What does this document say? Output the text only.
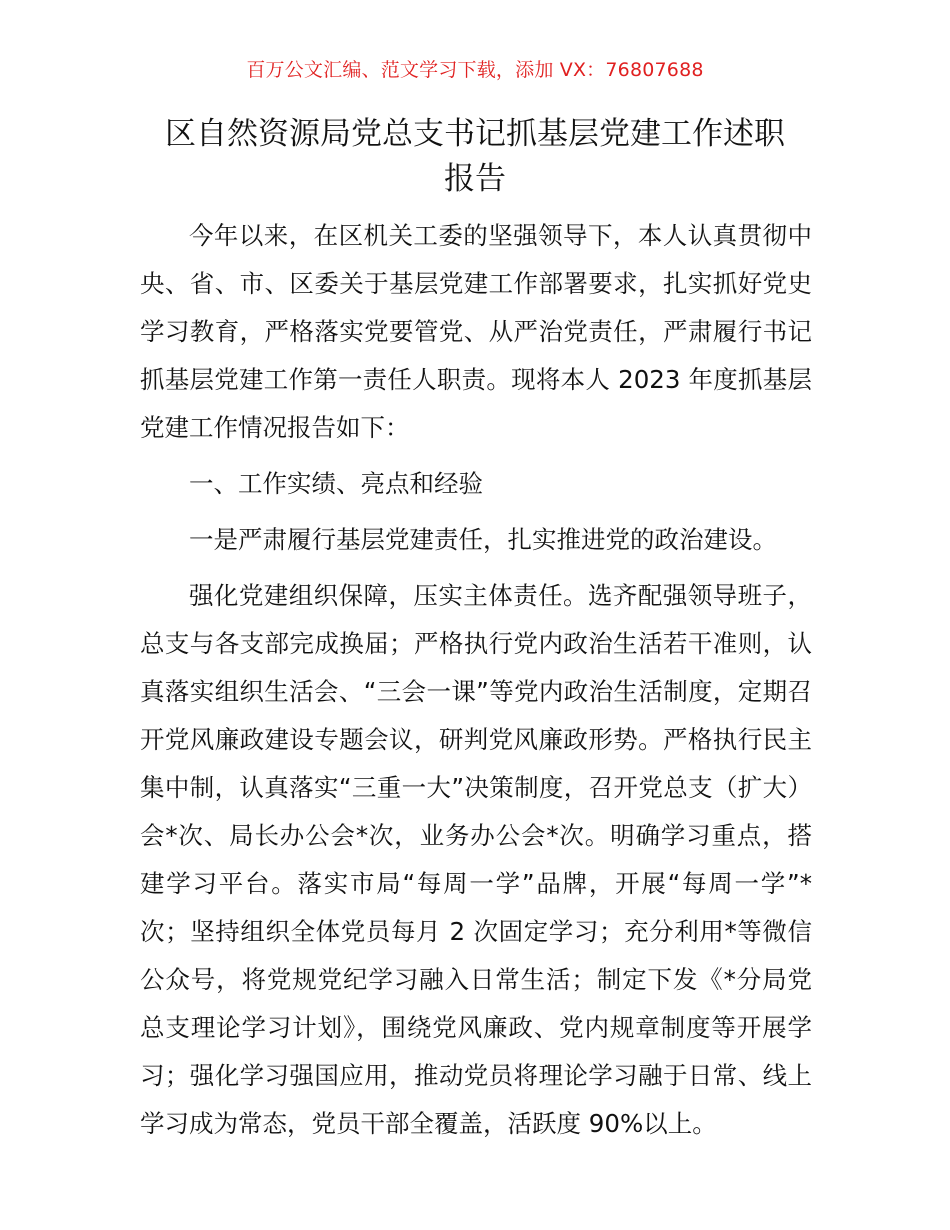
百万公文汇编、范文学习下载，添加 VX：76807688
区自然资源局党总支书记抓基层党建工作述职
报告

今年以来，在区机关工委的坚强领导下，本人认真贯彻中央、省、市、区委关于基层党建工作部署要求，扎实抓好党史学习教育，严格落实党要管党、从严治党责任，严肃履行书记抓基层党建工作第一责任人职责。现将本人 2023 年度抓基层党建工作情况报告如下：

一、工作实绩、亮点和经验

一是严肃履行基层党建责任，扎实推进党的政治建设。

强化党建组织保障，压实主体责任。选齐配强领导班子，总支与各支部完成换届；严格执行党内政治生活若干准则，认真落实组织生活会、“三会一课”等党内政治生活制度，定期召开党风廉政建设专题会议，研判党风廉政形势。严格执行民主集中制，认真落实“三重一大”决策制度，召开党总支（扩大）会*次、局长办公会*次，业务办公会*次。明确学习重点，搭建学习平台。落实市局“每周一学”品牌，开展“每周一学”*次；坚持组织全体党员每月 2 次固定学习；充分利用*等微信公众号，将党规党纪学习融入日常生活；制定下发《*分局党总支理论学习计划》，围绕党风廉政、党内规章制度等开展学习；强化学习强国应用，推动党员将理论学习融于日常、线上学习成为常态，党员干部全覆盖，活跃度 90%以上。
